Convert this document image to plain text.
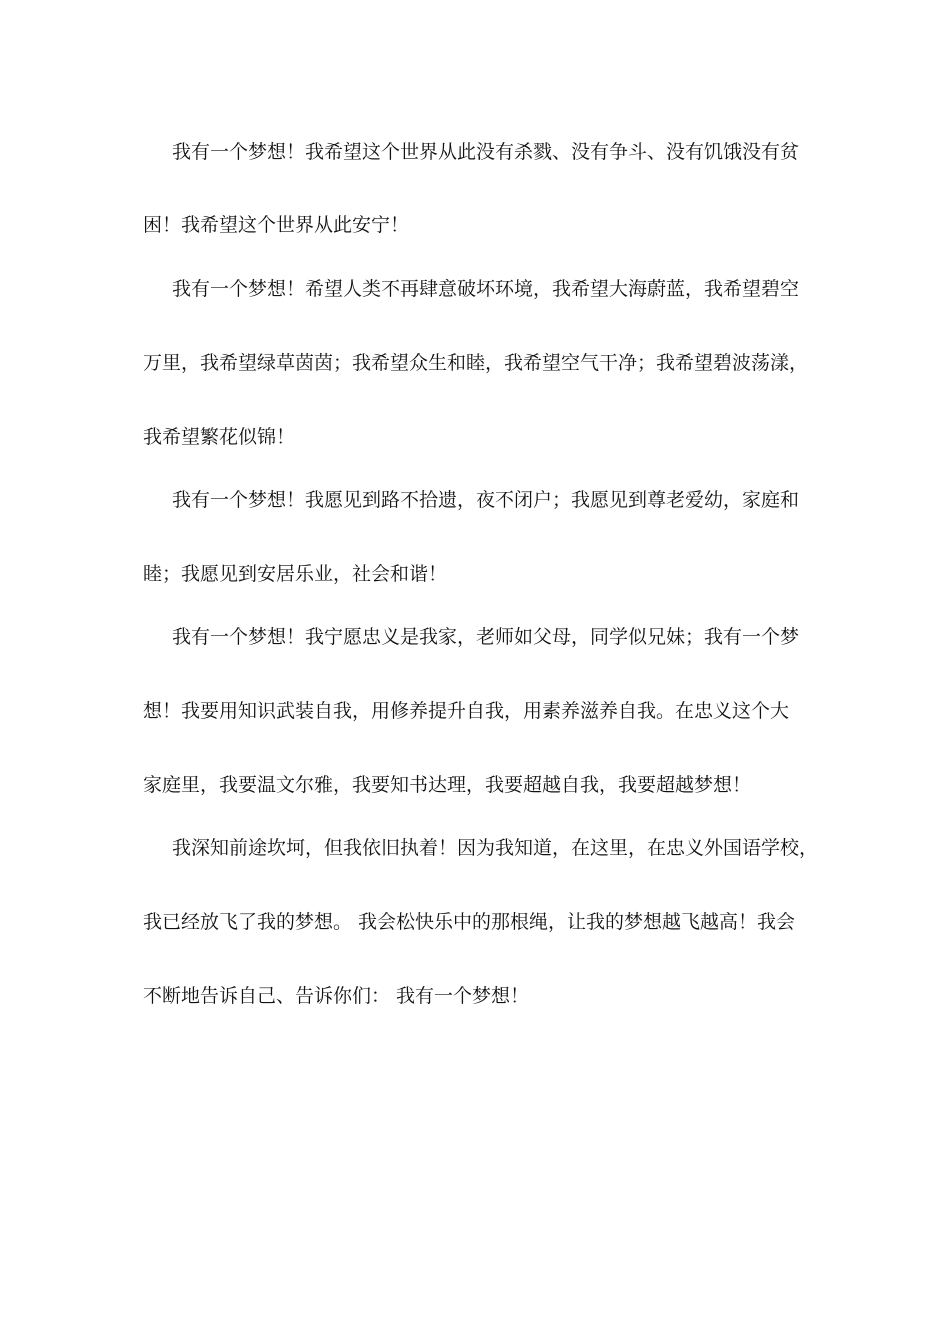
我有一个梦想！我希望这个世界从此没有杀戮、没有争斗、没有饥饿没有贫

困！我希望这个世界从此安宁！

我有一个梦想！希望人类不再肆意破坏环境，我希望大海蔚蓝，我希望碧空

万里，我希望绿草茵茵；我希望众生和睦，我希望空气干净；我希望碧波荡漾，

我希望繁花似锦！

我有一个梦想！我愿见到路不拾遗，夜不闭户；我愿见到尊老爱幼，家庭和

睦；我愿见到安居乐业，社会和谐！

我有一个梦想！我宁愿忠义是我家，老师如父母，同学似兄妹；我有一个梦

想！我要用知识武装自我，用修养提升自我，用素养滋养自我。在忠义这个大

家庭里，我要温文尔雅，我要知书达理，我要超越自我，我要超越梦想！

我深知前途坎坷，但我依旧执着！因为我知道，在这里，在忠义外国语学校，

我已经放飞了我的梦想。 我会松快乐中的那根绳，让我的梦想越飞越高！我会

不断地告诉自己、告诉你们： 我有一个梦想！
